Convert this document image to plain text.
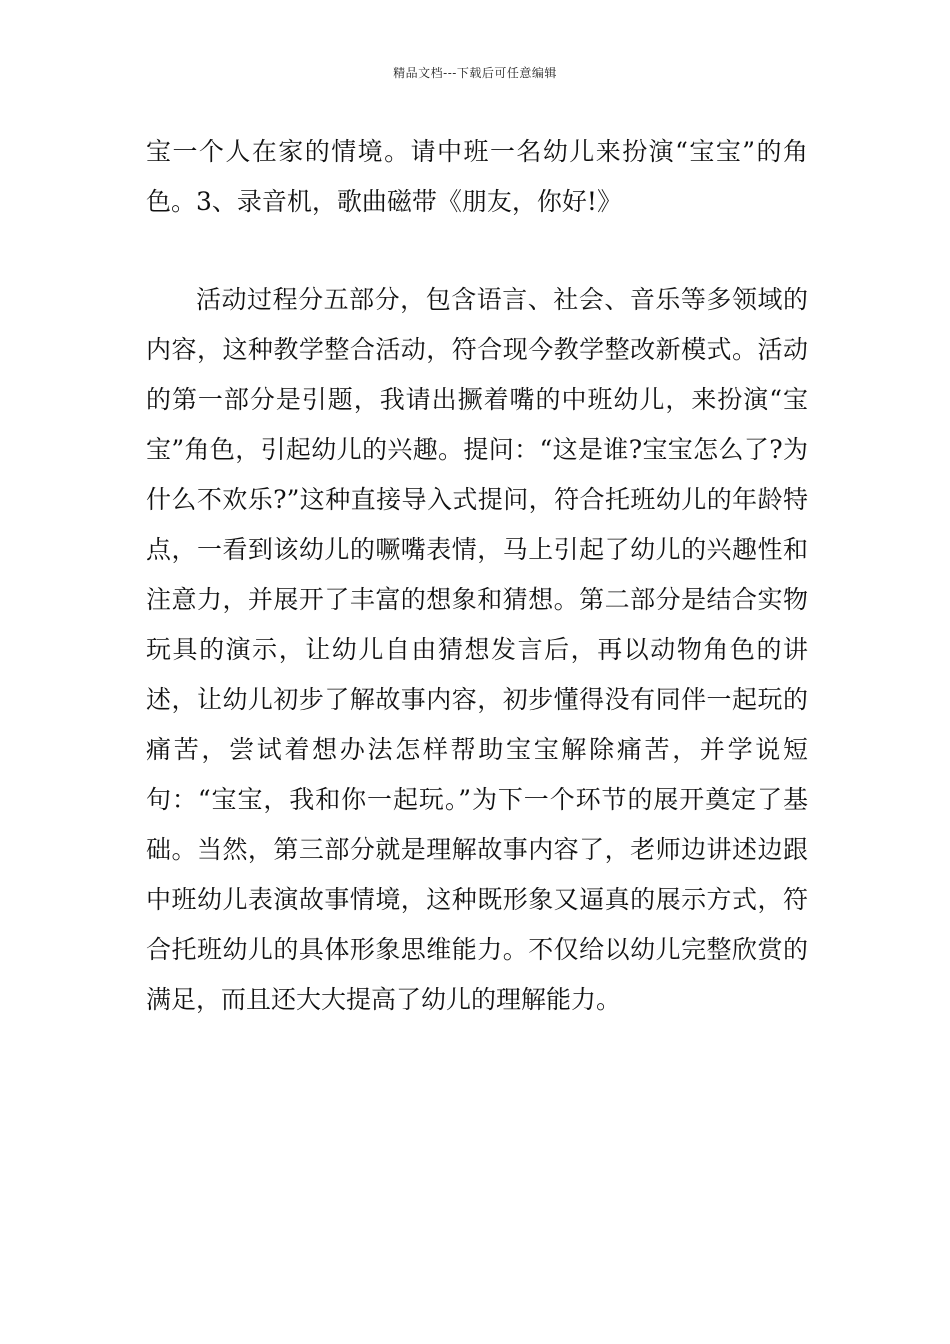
精品文档---下载后可任意编辑

宝一个人在家的情境。请中班一名幼儿来扮演“宝宝”的角色。3、录音机，歌曲磁带《朋友，你好!》

活动过程分五部分，包含语言、社会、音乐等多领域的内容，这种教学整合活动，符合现今教学整改新模式。活动的第一部分是引题，我请出撅着嘴的中班幼儿，来扮演“宝宝”角色，引起幼儿的兴趣。提问：“这是谁?宝宝怎么了?为什么不欢乐?”这种直接导入式提问，符合托班幼儿的年龄特点，一看到该幼儿的噘嘴表情，马上引起了幼儿的兴趣性和注意力，并展开了丰富的想象和猜想。第二部分是结合实物玩具的演示，让幼儿自由猜想发言后，再以动物角色的讲述，让幼儿初步了解故事内容，初步懂得没有同伴一起玩的痛苦，尝试着想办法怎样帮助宝宝解除痛苦，并学说短句：“宝宝，我和你一起玩。”为下一个环节的展开奠定了基础。当然，第三部分就是理解故事内容了，老师边讲述边跟中班幼儿表演故事情境，这种既形象又逼真的展示方式，符合托班幼儿的具体形象思维能力。不仅给以幼儿完整欣赏的满足，而且还大大提高了幼儿的理解能力。
